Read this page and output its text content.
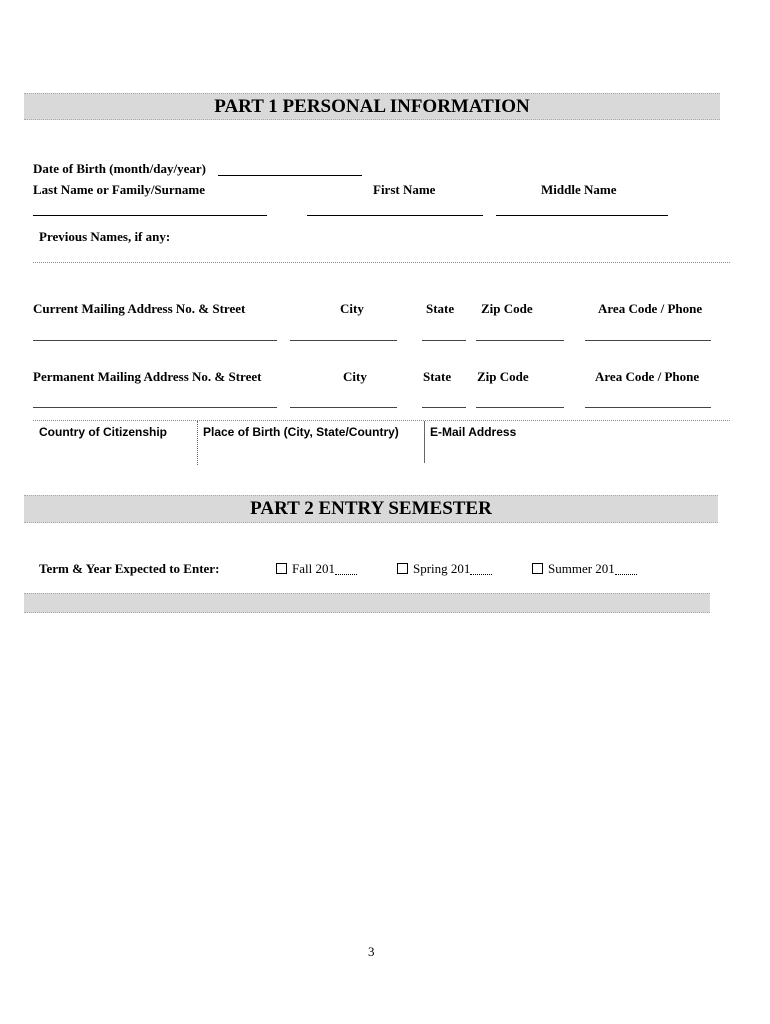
PART 1 PERSONAL INFORMATION
Date of Birth (month/day/year)
Last Name or Family/Surname	First Name	Middle Name
Previous Names, if any:
Current Mailing Address No. & Street	City	State Zip Code	Area Code / Phone
Permanent Mailing Address No. & Street	City	State Zip Code	Area Code / Phone
Country of Citizenship	Place of Birth (City, State/Country)	E-Mail Address
PART 2 ENTRY SEMESTER
Term & Year Expected to Enter:	Fall 201	Spring 201	Summer 201
3
